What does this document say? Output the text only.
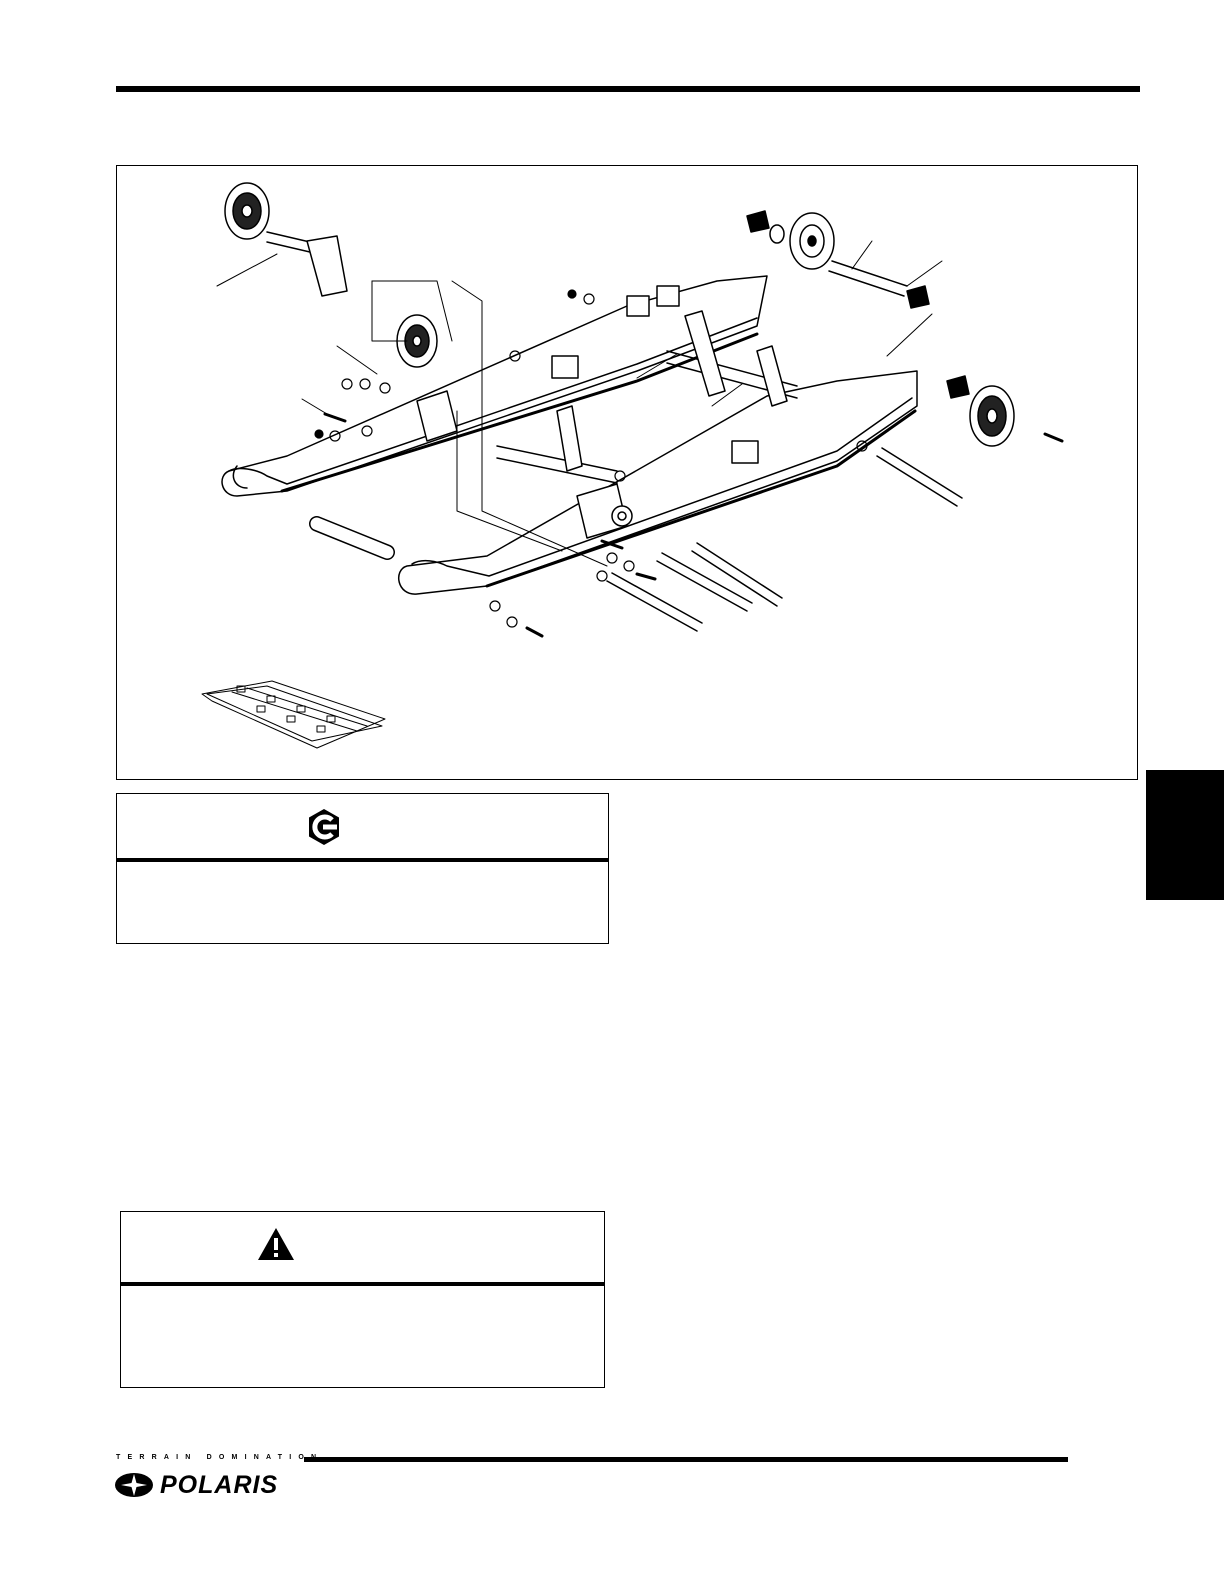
TERRAIN DOMINATION
POLARIS
